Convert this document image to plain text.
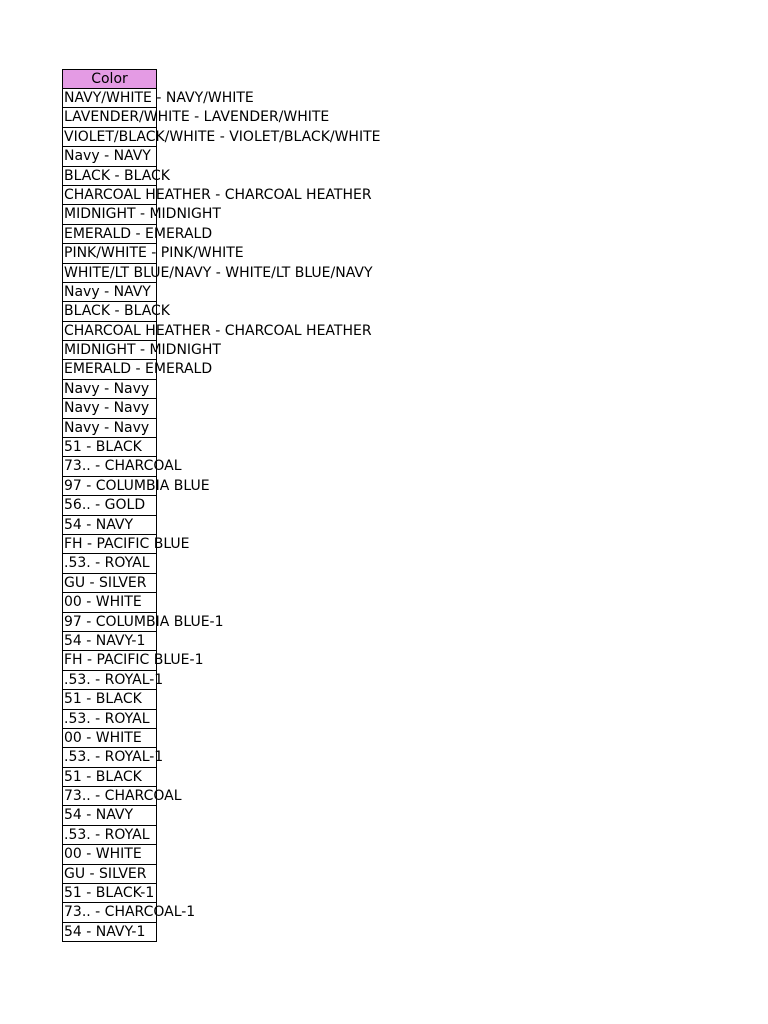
Color
NAVY/WHITE - NAVY/WHITE
LAVENDER/WHITE - LAVENDER/WHITE
VIOLET/BLACK/WHITE - VIOLET/BLACK/WHITE
Navy - NAVY
BLACK - BLACK
CHARCOAL HEATHER - CHARCOAL HEATHER
MIDNIGHT - MIDNIGHT
EMERALD - EMERALD
PINK/WHITE - PINK/WHITE
WHITE/LT BLUE/NAVY - WHITE/LT BLUE/NAVY
Navy - NAVY
BLACK - BLACK
CHARCOAL HEATHER - CHARCOAL HEATHER
MIDNIGHT - MIDNIGHT
EMERALD - EMERALD
Navy - Navy
Navy - Navy
Navy - Navy
51 - BLACK
73.. - CHARCOAL
97 - COLUMBIA BLUE
56.. - GOLD
54 - NAVY
FH - PACIFIC BLUE
.53. - ROYAL
GU - SILVER
00 - WHITE
97 - COLUMBIA BLUE-1
54 - NAVY-1
FH - PACIFIC BLUE-1
.53. - ROYAL-1
51 - BLACK
.53. - ROYAL
00 - WHITE
.53. - ROYAL-1
51 - BLACK
73.. - CHARCOAL
54 - NAVY
.53. - ROYAL
00 - WHITE
GU - SILVER
51 - BLACK-1
73.. - CHARCOAL-1
54 - NAVY-1
